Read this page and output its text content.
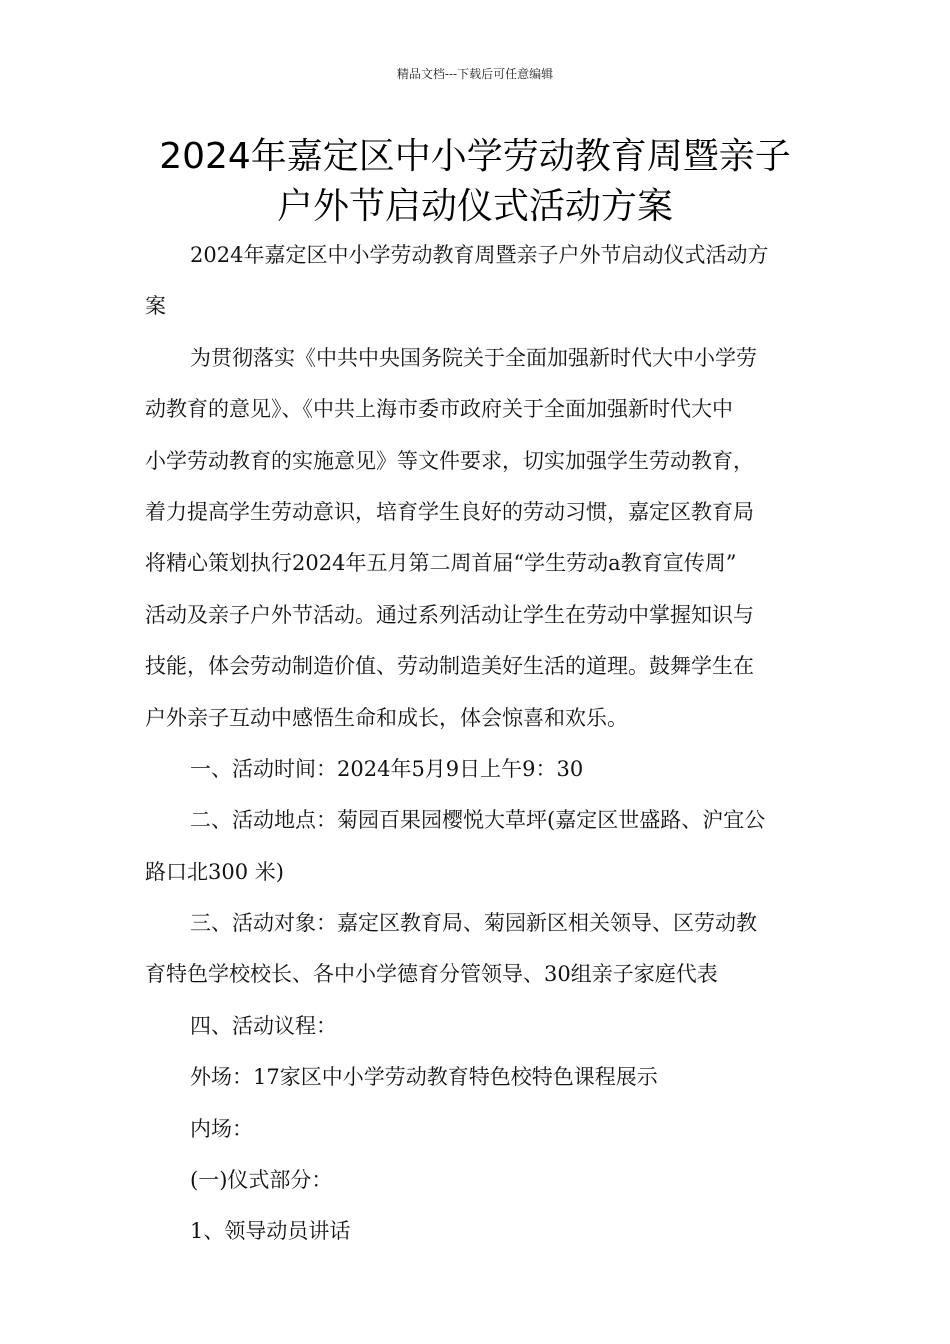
精品文档---下载后可任意编辑
2024年嘉定区中小学劳动教育周暨亲子
户外节启动仪式活动方案
2024年嘉定区中小学劳动教育周暨亲子户外节启动仪式活动方
案
为贯彻落实《中共中央国务院关于全面加强新时代大中小学劳
动教育的意见》、《中共上海市委市政府关于全面加强新时代大中
小学劳动教育的实施意见》等文件要求，切实加强学生劳动教育，
着力提高学生劳动意识，培育学生良好的劳动习惯，嘉定区教育局
将精心策划执行2024年五月第二周首届“学生劳动a教育宣传周”
活动及亲子户外节活动。通过系列活动让学生在劳动中掌握知识与
技能，体会劳动制造价值、劳动制造美好生活的道理。鼓舞学生在
户外亲子互动中感悟生命和成长，体会惊喜和欢乐。
一、活动时间：2024年5月9日上午9：30
二、活动地点：菊园百果园樱悦大草坪(嘉定区世盛路、沪宜公
路口北300 米)
三、活动对象：嘉定区教育局、菊园新区相关领导、区劳动教
育特色学校校长、各中小学德育分管领导、30组亲子家庭代表
四、活动议程：
外场：17家区中小学劳动教育特色校特色课程展示
内场：
(一)仪式部分：
1、领导动员讲话
